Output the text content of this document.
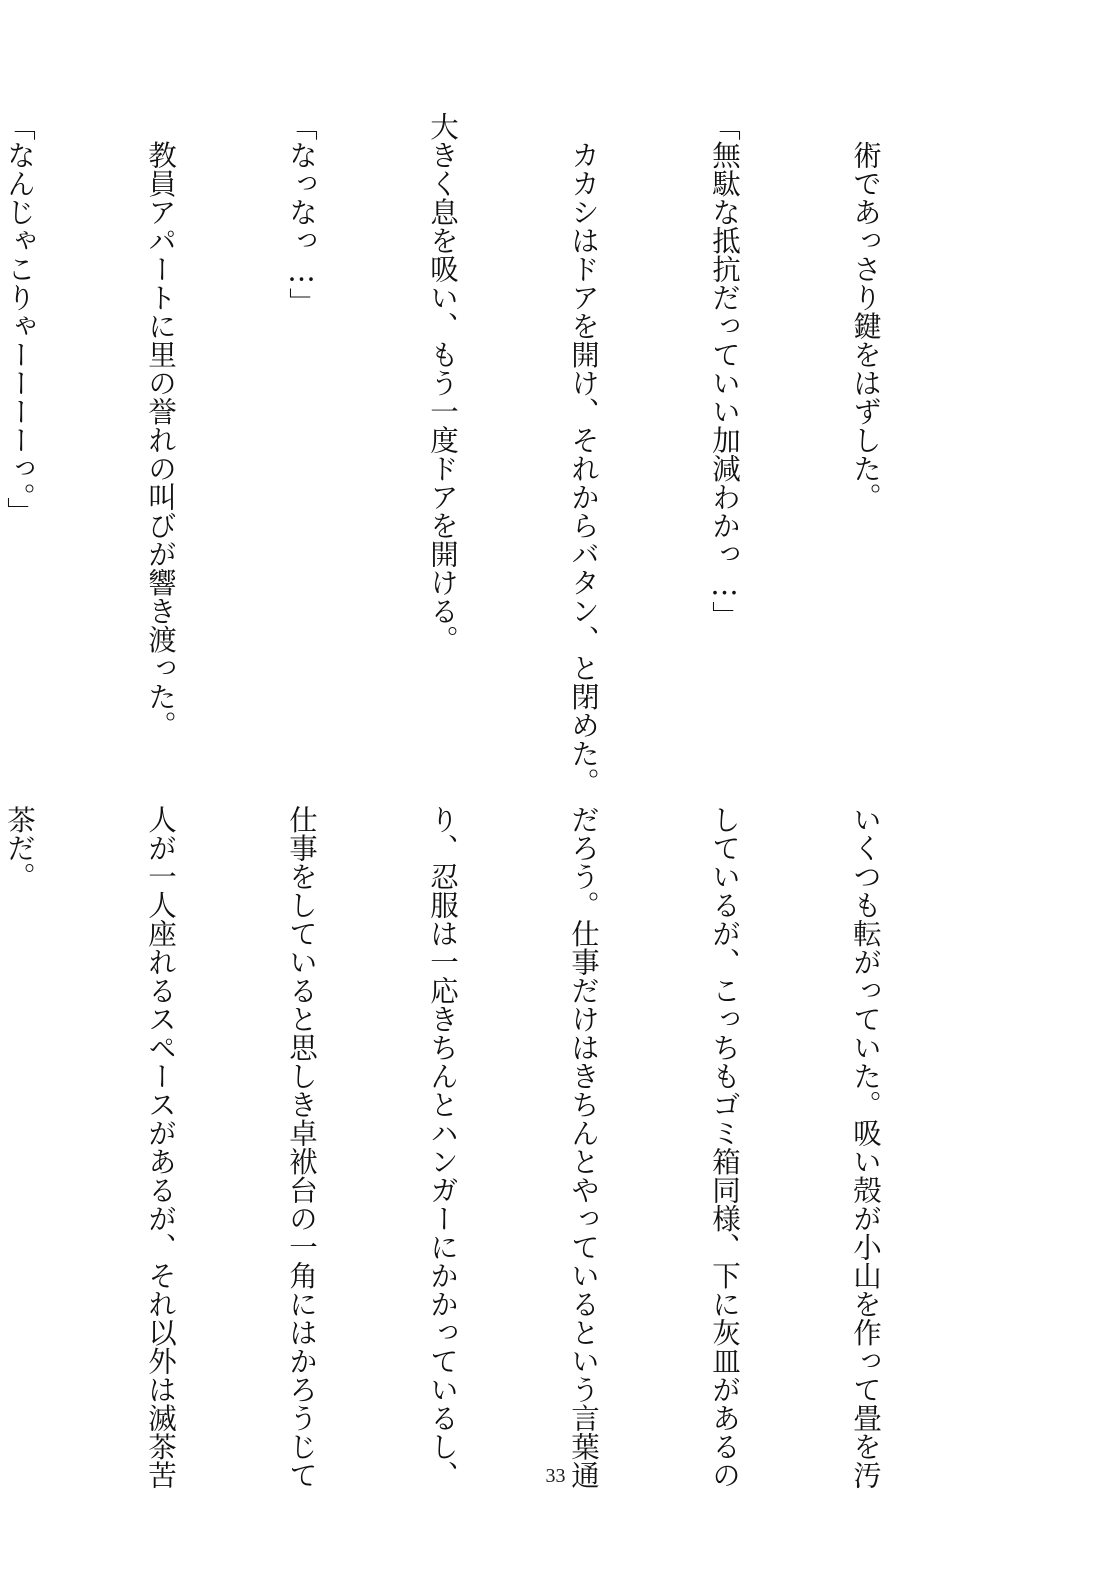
　術であっさり鍵をはずした。

「無駄な抵抗だっていい加減わかっ…」

　カカシはドアを開け、それからバタン、と閉めた。

大きく息を吸い、もう一度ドアを開ける。

「なっなっ…」

　教員アパートに里の誉れの叫びが響き渡った。

「なんじゃこりゃーーーーっ。」

いくつも転がっていた。吸い殻が小山を作って畳を汚

しているが、こっちもゴミ箱同様、下に灰皿があるの

だろう。仕事だけはきちんとやっているという言葉通

り、忍服は一応きちんとハンガーにかかっているし、

仕事をしていると思しき卓袱台の一角にはかろうじて

人が一人座れるスペースがあるが、それ以外は滅茶苦

茶だ。

33
